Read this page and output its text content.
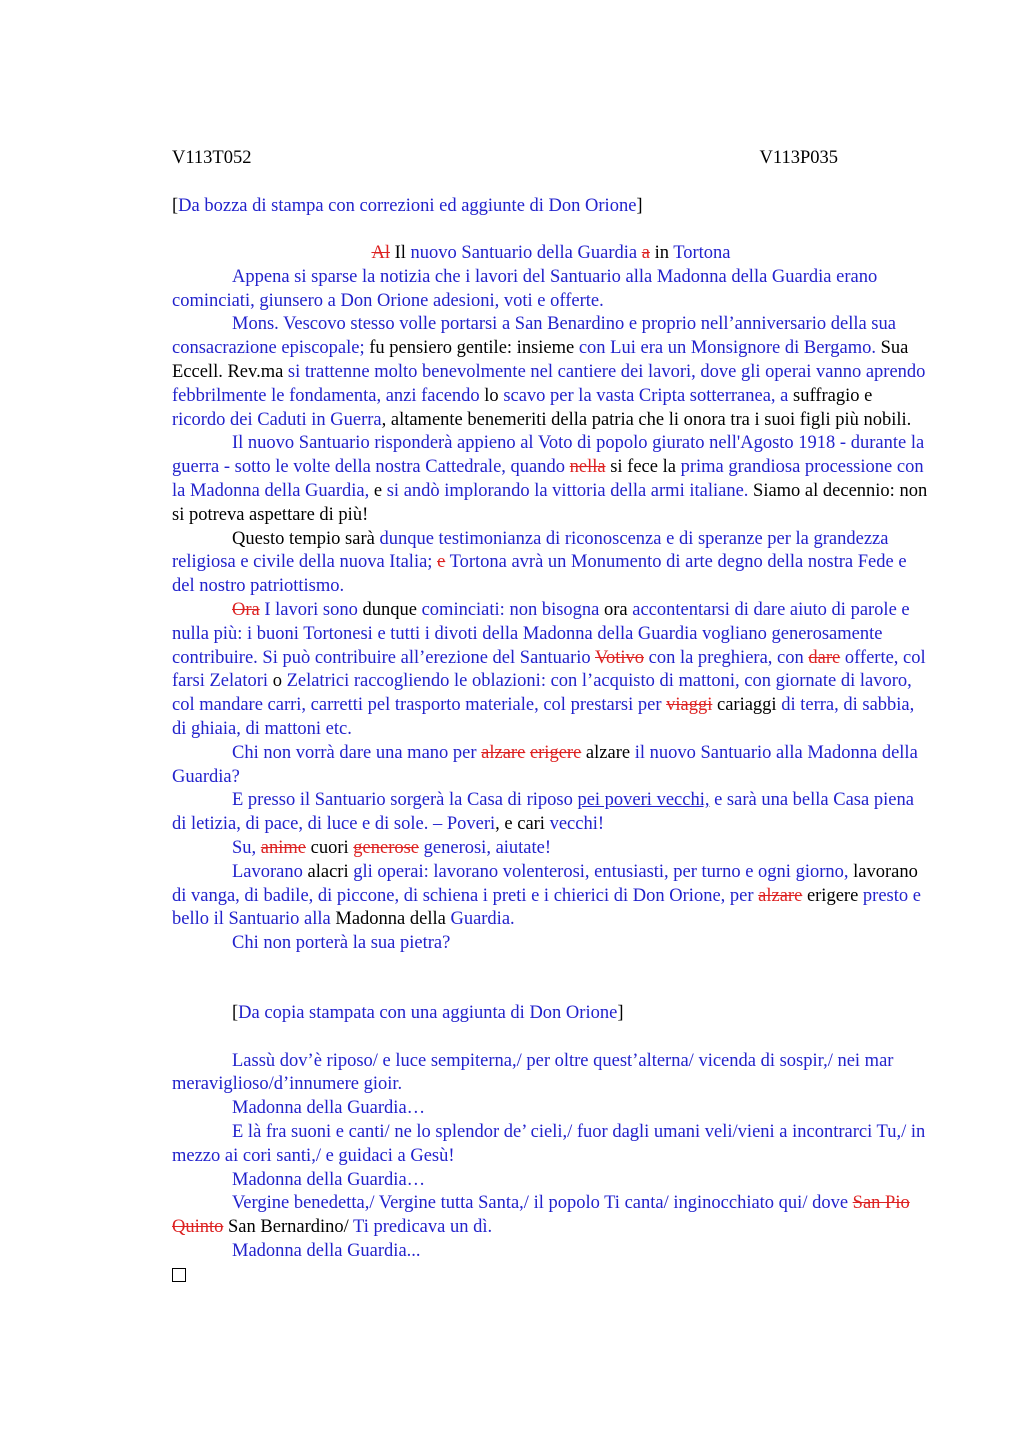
V113T052	V113P035
[Da bozza di stampa con correzioni ed aggiunte di Don Orione]

Al Il nuovo Santuario della Guardia a in Tortona

Appena si sparse la notizia che i lavori del Santuario alla Madonna della Guardia erano cominciati, giunsero a Don Orione adesioni, voti e offerte.

Mons. Vescovo stesso volle portarsi a San Benardino e proprio nell’anniversario della sua consacrazione episcopale; fu pensiero gentile: insieme con Lui era un Monsignore di Bergamo. Sua Eccell. Rev.ma si trattenne molto benevolmente nel cantiere dei lavori, dove gli operai vanno aprendo febbrilmente le fondamenta, anzi facendo lo scavo per la vasta Cripta sotterranea, a suffragio e ricordo dei Caduti in Guerra, altamente benemeriti della patria che li onora tra i suoi figli più nobili.

Il nuovo Santuario risponderà appieno al Voto di popolo giurato nell'Agosto 1918 - durante la guerra - sotto le volte della nostra Cattedrale, quando nella si fece la prima grandiosa processione con la Madonna della Guardia, e si andò implorando la vittoria della armi italiane. Siamo al decennio: non si potreva aspettare di più!

Questo tempio sarà dunque testimonianza di riconoscenza e di speranze per la grandezza religiosa e civile della nuova Italia; e Tortona avrà un Monumento di arte degno della nostra Fede e del nostro patriottismo.

Ora I lavori sono dunque cominciati: non bisogna ora accontentarsi di dare aiuto di parole e nulla più: i buoni Tortonesi e tutti i divoti della Madonna della Guardia vogliano generosamente contribuire. Si può contribuire all’erezione del Santuario Votivo con la preghiera, con dare offerte, col farsi Zelatori o Zelatrici raccogliendo le oblazioni: con l’acquisto di mattoni, con giornate di lavoro, col mandare carri, carretti pel trasporto materiale, col prestarsi per viaggi cariaggi di terra, di sabbia, di ghiaia, di mattoni etc.

Chi non vorrà dare una mano per alzare erigere alzare il nuovo Santuario alla Madonna della Guardia?

E presso il Santuario sorgerà la Casa di riposo pei poveri vecchi, e sarà una bella Casa piena di letizia, di pace, di luce e di sole. – Poveri, e cari vecchi!

Su, anime cuori generose generosi, aiutate!

Lavorano alacri gli operai: lavorano volenterosi, entusiasti, per turno e ogni giorno, lavorano di vanga, di badile, di piccone, di schiena i preti e i chierici di Don Orione, per alzare erigere presto e bello il Santuario alla Madonna della Guardia.

Chi non porterà la sua pietra?

[Da copia stampata con una aggiunta di Don Orione]

Lassù dov’è riposo/ e luce sempiterna,/ per oltre quest’alterna/ vicenda di sospir,/ nei mar meraviglioso/d’innumere gioir.

Madonna della Guardia…

E là fra suoni e canti/ ne lo splendor de’ cieli,/ fuor dagli umani veli/vieni a incontrarci Tu,/ in mezzo ai cori santi,/ e guidaci a Gesù!

Madonna della Guardia…

Vergine benedetta,/ Vergine tutta Santa,/ il popolo Ti canta/ inginocchiato qui/ dove San Pio Quinto San Bernardino/ Ti predicava un dì.

Madonna della Guardia...
